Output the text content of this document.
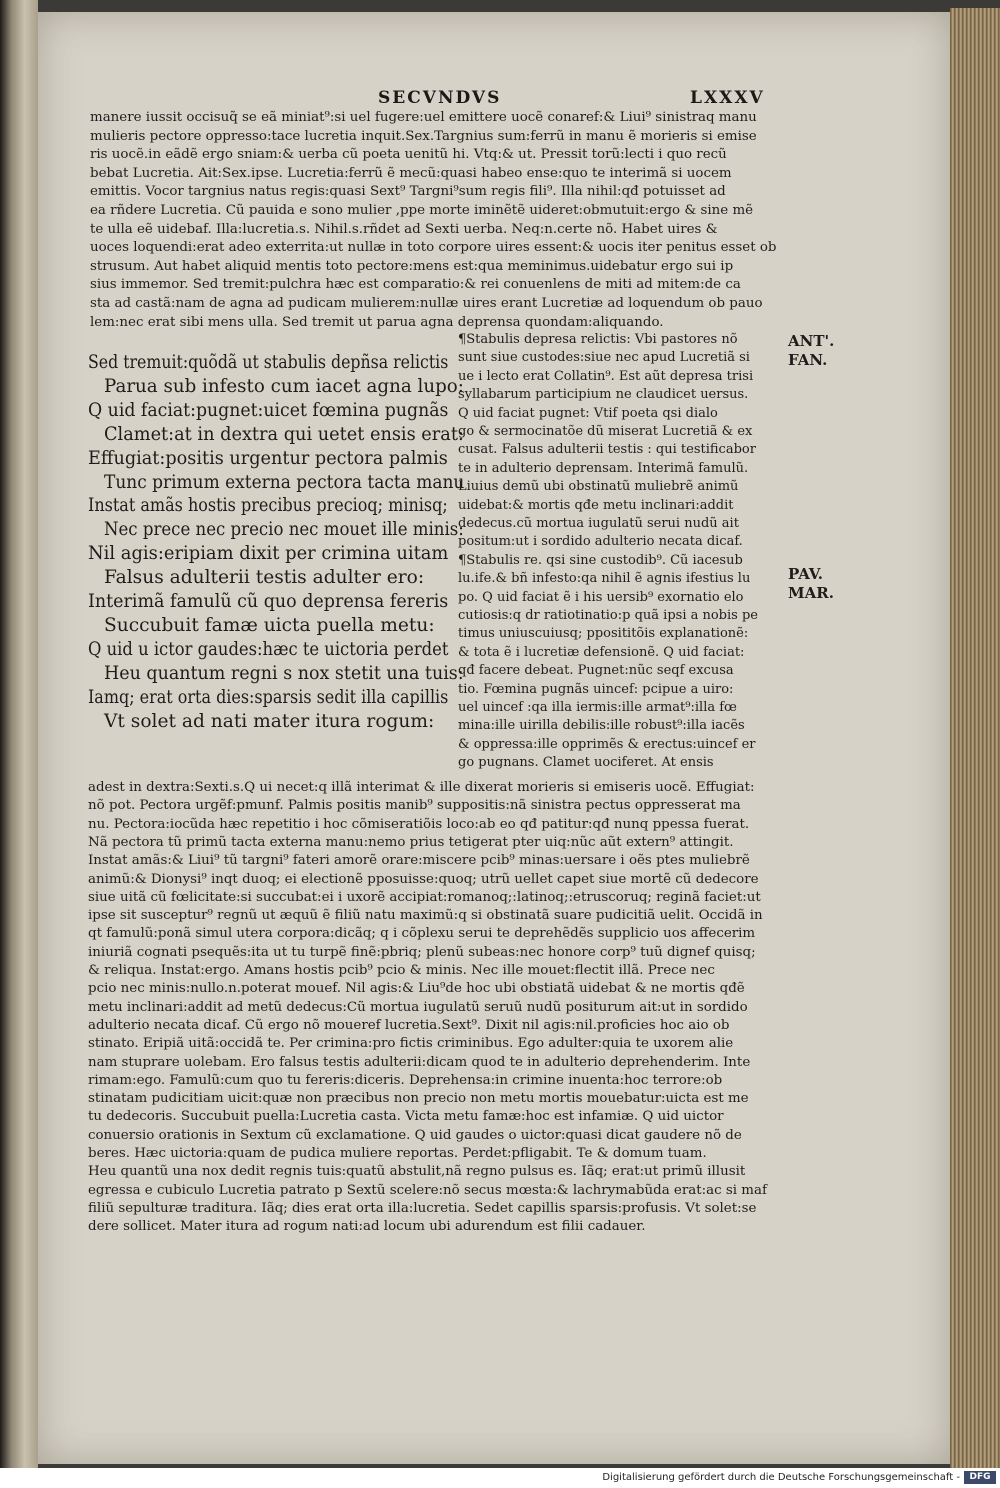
SECVNDVS	LXXXV
manere iussit occisuq̃ se eã miniat⁹:si uel fugere:uel emittere uocẽ conaref:& Liui⁹ sinistraq manu
mulieris pectore oppresso:tace lucretia inquit.Sex.Targnius sum:ferrũ in manu ẽ morieris si emise
ris uocẽ.in eãdẽ ergo sniam:& uerba cũ poeta uenitũ hi. Vtq:& ut. Pressit torũ:lecti i quo recũ
bebat Lucretia. Ait:Sex.ipse. Lucretia:ferrũ ẽ mecũ:quasi habeo ense:quo te interimã si uocem
emittis. Vocor targnius natus regis:quasi Sext⁹ Targni⁹sum regis fili⁹. Illa nihil:qđ potuisset ad
ea rñdere Lucretia. Cũ pauida e sono mulier ,ppe morte iminẽtẽ uideret:obmutuit:ergo & sine mẽ
te ulla eẽ uidebaf. Illa:lucretia.s. Nihil.s.rñdet ad Sexti uerba. Neq:n.certe nõ. Habet uires &
uoces loquendi:erat adeo exterrita:ut nullæ in toto corpore uires essent:& uocis iter penitus esset ob
strusum. Aut habet aliquid mentis toto pectore:mens est:qua meminimus.uidebatur ergo sui ip
sius immemor. Sed tremit:pulchra hæc est comparatio:& rei conuenlens de miti ad mitem:de ca
sta ad castã:nam de agna ad pudicam mulierem:nullæ uires erant Lucretiæ ad loquendum ob pauo
lem:nec erat sibi mens ulla. Sed tremit ut parua agna deprensa quondam:aliquando.
Sed tremuit:quõdã ut stabulis depñsa relictis
Parua sub infesto cum iacet agna lupo:
Q uid faciat:pugnet:uicet fœmina pugnãs
Clamet:at in dextra qui uetet ensis erat:
Effugiat:positis urgentur pectora palmis
Tunc primum externa pectora tacta manu
Instat amãs hostis precibus precioq; minisq;
Nec prece nec precio nec mouet ille minis:
Nil agis:eripiam dixit per crimina uitam
Falsus adulterii testis adulter ero:
Interimã famulũ cũ quo deprensa fereris
Succubuit famæ uicta puella metu:
Q uid u ictor gaudes:hæc te uictoria perdet
Heu quantum regni s nox stetit una tuis:
Iamq; erat orta dies:sparsis sedit illa capillis
Vt solet ad nati mater itura rogum:
¶Stabulis depresa relictis: Vbi pastores nõ
sunt siue custodes:siue nec apud Lucretiã si
ue i lecto erat Collatin⁹. Est aũt depresa trisi
syllabarum participium ne claudicet uersus.
Q uid faciat pugnet: Vtif poeta qsi dialo
go & sermocinatõe dũ miserat Lucretiã & ex
cusat. Falsus adulterii testis : qui testificabor
te in adulterio deprensam. Interimã famulũ.
Liuius demũ ubi obstinatũ muliebrẽ animũ
uidebat:& mortis qđe metu inclinari:addit
dedecus.cũ mortua iugulatũ serui nudũ ait
positum:ut i sordido adulterio necata dicaf.
¶Stabulis re. qsi sine custodib⁹. Cũ iacesub
lu.ife.& bñ infesto:qa nihil ẽ agnis ifestius lu
po. Q uid faciat ẽ i his uersib⁹ exornatio elo
cutiosis:q dr ratiotinatio:p quã ipsi a nobis pe
timus uniuscuiusq; pposititõis explanationẽ:
& tota ẽ i lucretiæ defensionẽ. Q uid faciat:
qđ facere debeat. Pugnet:nũc seqf excusa
tio. Fœmina pugnãs uincef: pcipue a uiro:
uel uincef :qa illa iermis:ille armat⁹:illa fœ
mina:ille uirilla debilis:ille robust⁹:illa iacẽs
& oppressa:ille opprimẽs & erectus:uincef er
go pugnans. Clamet uociferet. At ensis
adest in dextra:Sexti.s.Q ui necet:q illã interimat & ille dixerat morieris si emiseris uocẽ. Effugiat:
nõ pot. Pectora urgẽf:pmunf. Palmis positis manib⁹ suppositis:nã sinistra pectus oppresserat ma
nu. Pectora:iocũda hæc repetitio i hoc cõmiseratiõis loco:ab eo qđ patitur:qđ nunq ppessa fuerat.
Nã pectora tũ primũ tacta externa manu:nemo prius tetigerat pter uiq:nũc aũt extern⁹ attingit.
Instat amãs:& Liui⁹ tũ targni⁹ fateri amorẽ orare:miscere pcib⁹ minas:uersare i oẽs ptes muliebrẽ
animũ:& Dionysi⁹ inqt duoq; ei electionẽ pposuisse:quoq; utrũ uellet capet siue mortẽ cũ dedecore
siue uitã cũ fœlicitate:si succubat:ei i uxorẽ accipiat:romanoq;:latinoq;:etruscoruq; reginã faciet:ut
ipse sit susceptur⁹ regnũ ut æquũ ẽ filiũ natu maximũ:q si obstinatã suare pudicitiã uelit. Occidã in
qt famulũ:ponã simul utera corpora:dicãq; q i cõplexu serui te deprehẽdẽs supplicio uos affecerim
iniuriã cognati psequẽs:ita ut tu turpẽ finẽ:pbriq; plenũ subeas:nec honore corp⁹ tuũ dignef quisq;
& reliqua. Instat:ergo. Amans hostis pcib⁹ pcio & minis. Nec ille mouet:flectit illã. Prece nec
pcio nec minis:nullo.n.poterat mouef. Nil agis:& Liu⁹de hoc ubi obstiatã uidebat & ne mortis qđẽ
metu inclinari:addit ad metũ dedecus:Cũ mortua iugulatũ seruũ nudũ positurum ait:ut in sordido
adulterio necata dicaf. Cũ ergo nõ moueref lucretia.Sext⁹. Dixit nil agis:nil.proficies hoc aio ob
stinato. Eripiã uitã:occidã te. Per crimina:pro fictis criminibus. Ego adulter:quia te uxorem alie
nam stuprare uolebam. Ero falsus testis adulterii:dicam quod te in adulterio deprehenderim. Inte
rimam:ego. Famulũ:cum quo tu fereris:diceris. Deprehensa:in crimine inuenta:hoc terrore:ob
stinatam pudicitiam uicit:quæ non præcibus non precio non metu mortis mouebatur:uicta est me
tu dedecoris. Succubuit puella:Lucretia casta. Victa metu famæ:hoc est infamiæ. Q uid uictor
conuersio orationis in Sextum cũ exclamatione. Q uid gaudes o uictor:quasi dicat gaudere nõ de
beres. Hæc uictoria:quam de pudica muliere reportas. Perdet:pfligabit. Te & domum tuam.
Heu quantũ una nox dedit regnis tuis:quatũ abstulit,nã regno pulsus es. Iãq; erat:ut primũ illusit
egressa e cubiculo Lucretia patrato p Sextũ scelere:nõ secus mœsta:& lachrymabũda erat:ac si maf
filiũ sepulturæ traditura. Iãq; dies erat orta illa:lucretia. Sedet capillis sparsis:profusis. Vt solet:se
dere sollicet. Mater itura ad rogum nati:ad locum ubi adurendum est filii cadauer.
ANT'.
FAN.
PAV.
MAR.
Digitalisierung gefördert durch die Deutsche Forschungsgemeinschaft -	DFG
